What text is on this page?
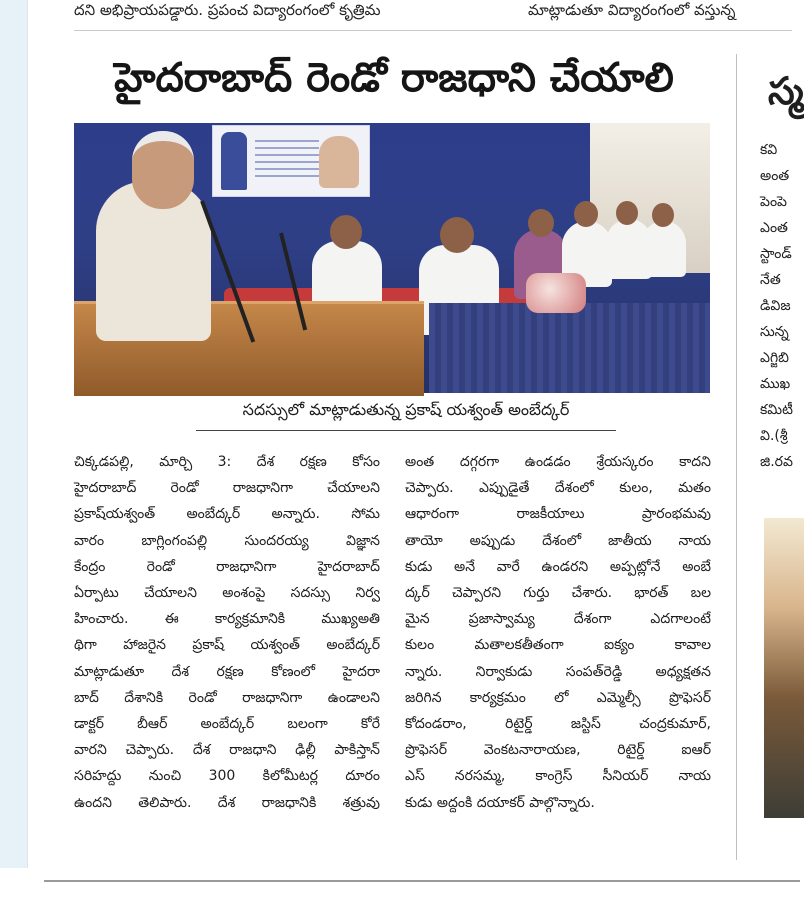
దని అభిప్రాయపడ్డారు. ప్రపంచ విద్యారంగంలో కృత్రిమ	మాట్లాడుతూ విద్యారంగంలో వస్తున్న
హైదరాబాద్ రెండో రాజధాని చేయాలి
సదస్సులో మాట్లాడుతున్న ప్రకాష్ యశ్వంత్ అంబేద్కర్
చిక్కడపల్లి, మార్చి 3: దేశ రక్షణ కోసం
హైదరాబాద్ రెండో రాజధానిగా చేయాలని
ప్రకాష్‌యశ్వంత్ అంబేద్కర్ అన్నారు. సోమ
వారం బాగ్లింగంపల్లి సుందరయ్య విజ్ఞాన
కేంద్రం రెండో రాజధానిగా హైదరాబాద్
ఏర్పాటు చేయాలని అంశంపై సదస్సు నిర్వ
హించారు. ఈ కార్యక్రమానికి ముఖ్యఅతి
థిగా హాజరైన ప్రకాష్ యశ్వంత్ అంబేద్కర్
మాట్లాడుతూ దేశ రక్షణ కోణంలో హైదరా
బాద్ దేశానికి రెండో రాజధానిగా ఉండాలని
డాక్టర్ బీఆర్ అంబేద్కర్ బలంగా కోరే
వారని చెప్పారు. దేశ రాజధాని ఢిల్లీ పాకిస్తాన్
సరిహద్దు నుంచి 300 కిలోమీటర్ల దూరం
ఉందని తెలిపారు. దేశ రాజధానికి శత్రువు
అంత దగ్గరగా ఉండడం శ్రేయస్కరం కాదని
చెప్పారు. ఎప్పుడైతే దేశంలో కులం, మతం
ఆధారంగా రాజకీయాలు ప్రారంభమవు
తాయో అప్పుడు దేశంలో జాతీయ నాయ
కుడు అనే వారే ఉండరని అప్పట్లోనే అంబే
ద్కర్ చెప్పారని గుర్తు చేశారు. భారత్ బల
మైన ప్రజాస్వామ్య దేశంగా ఎదగాలంటే
కులం మతాలకతీతంగా ఐక్యం కావాల
న్నారు. నిర్వాకుడు సంపత్‌రెడ్డి అధ్యక్షతన
జరిగిన కార్యక్రమం లో ఎమ్మెల్సీ ప్రొఫెసర్
కోదండరాం, రిటైర్డ్ జస్టిస్ చంద్రకుమార్,
ప్రొఫెసర్ వెంకటనారాయణ, రిటైర్డ్ ఐఆర్
ఎస్ నరసమ్మ, కాంగ్రెస్ సీనియర్ నాయ
కుడు అద్దంకి దయాకర్ పాల్గొన్నారు.
స్మ
కవి
అంత
పెంపె
ఎంత
స్టాండ్
నేత
డివిజ
సున్న
ఎగ్జిబి
ముఖ
కమిటీ
వి.(శ్రీ
జి.రవ
